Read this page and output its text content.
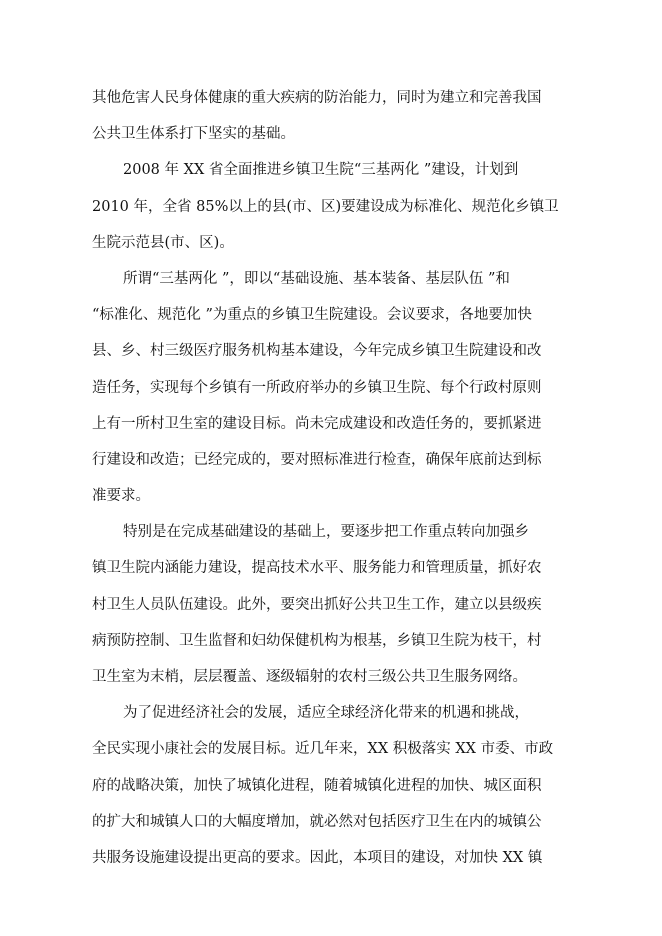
其他危害人民身体健康的重大疾病的防治能力，同时为建立和完善我国
公共卫生体系打下坚实的基础。
2008 年 XX 省全面推进乡镇卫生院“三基两化 ”建设，计划到
2010 年，全省 85%以上的县(市、区)要建设成为标准化、规范化乡镇卫
生院示范县(市、区)。
所谓“三基两化 ”，即以“基础设施、基本装备、基层队伍 ”和
“标准化、规范化 ”为重点的乡镇卫生院建设。会议要求，各地要加快
县、乡、村三级医疗服务机构基本建设，今年完成乡镇卫生院建设和改
造任务，实现每个乡镇有一所政府举办的乡镇卫生院、每个行政村原则
上有一所村卫生室的建设目标。尚未完成建设和改造任务的，要抓紧进
行建设和改造；已经完成的，要对照标准进行检查，确保年底前达到标
准要求。
特别是在完成基础建设的基础上，要逐步把工作重点转向加强乡
镇卫生院内涵能力建设，提高技术水平、服务能力和管理质量，抓好农
村卫生人员队伍建设。此外，要突出抓好公共卫生工作，建立以县级疾
病预防控制、卫生监督和妇幼保健机构为根基，乡镇卫生院为枝干，村
卫生室为末梢，层层覆盖、逐级辐射的农村三级公共卫生服务网络。
为了促进经济社会的发展，适应全球经济化带来的机遇和挑战，
全民实现小康社会的发展目标。近几年来，XX 积极落实 XX 市委、市政
府的战略决策，加快了城镇化进程，随着城镇化进程的加快、城区面积
的扩大和城镇人口的大幅度增加，就必然对包括医疗卫生在内的城镇公
共服务设施建设提出更高的要求。因此，本项目的建设，对加快 XX 镇
